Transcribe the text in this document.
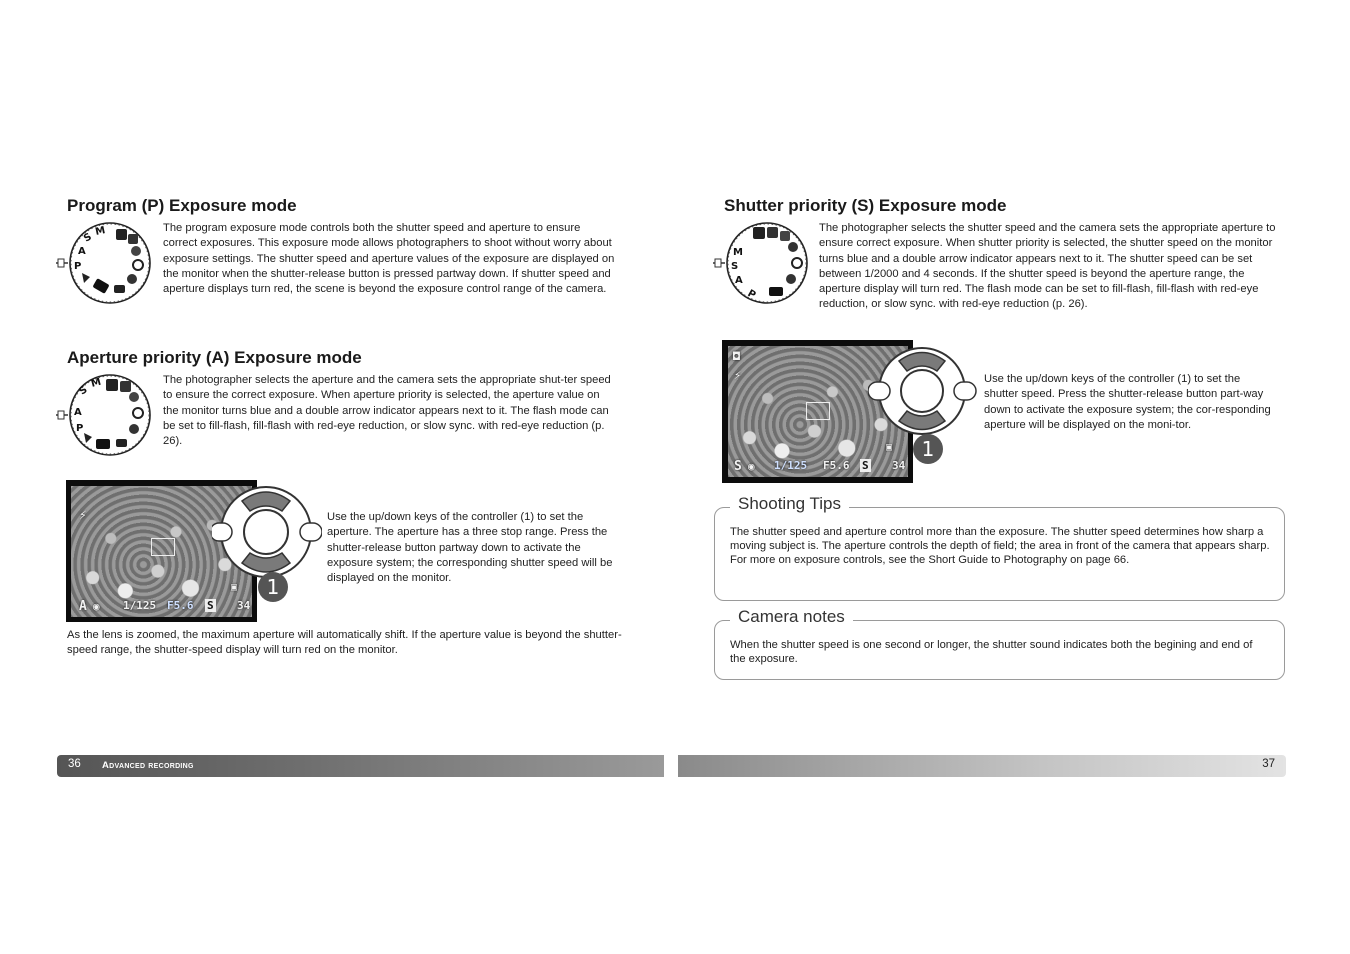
Program (P) Exposure mode
S M
A
P

The program exposure mode controls both the shutter speed and aperture to ensure correct exposures. This exposure mode allows photographers to shoot without worry about exposure settings. The shutter speed and aperture values of the exposure are displayed on the monitor when the shutter-release button is pressed partway down. If shutter speed and aperture displays turn red, the scene is beyond the exposure control range of the camera.

Aperture priority (A) Exposure mode
S
M
A
P

The photographer selects the aperture and the camera sets the appropriate shut-ter speed to ensure the correct exposure. When aperture priority is selected, the aperture value on the monitor turns blue and a double arrow indicator appears next to it. The flash mode can be set to fill-flash, fill-flash with red-eye reduction, or slow sync. with red-eye reduction (p. 26).

⚡
A ◉ 1/125 F5.6 S 34
▣ 1

Use the up/down keys of the controller (1) to set the aperture. The aperture has a three stop range. Press the shutter-release button partway down to activate the exposure system; the corresponding shutter speed will be displayed on the monitor.

As the lens is zoomed, the maximum aperture will automatically shift. If the aperture value is beyond the shutter-speed range, the shutter-speed display will turn red on the monitor.

36 Advanced recording
Shutter priority (S) Exposure mode
M
S
A
P

The photographer selects the shutter speed and the camera sets the appropriate aperture to ensure correct exposure. When shutter priority is selected, the shutter speed on the monitor turns blue and a double arrow indicator appears next to it. The shutter speed can be set between 1/2000 and 4 seconds. If the shutter speed is beyond the aperture range, the aperture display will turn red. The flash mode can be set to fill-flash, fill-flash with red-eye reduction, or slow sync. with red-eye reduction (p. 26).

◘
⚡
S ◉ 1/125 F5.6 S 34
▣ 1

Use the up/down keys of the controller (1) to set the shutter speed. Press the shutter-release button part-way down to activate the exposure system; the cor-responding aperture will be displayed on the moni-tor.

Shooting Tips

The shutter speed and aperture control more than the exposure. The shutter speed determines how sharp a moving subject is. The aperture controls the depth of field; the area in front of the camera that appears sharp. For more on exposure controls, see the Short Guide to Photography on page 66.

Camera notes

When the shutter speed is one second or longer, the shutter sound indicates both the begining and end of the exposure.

37
